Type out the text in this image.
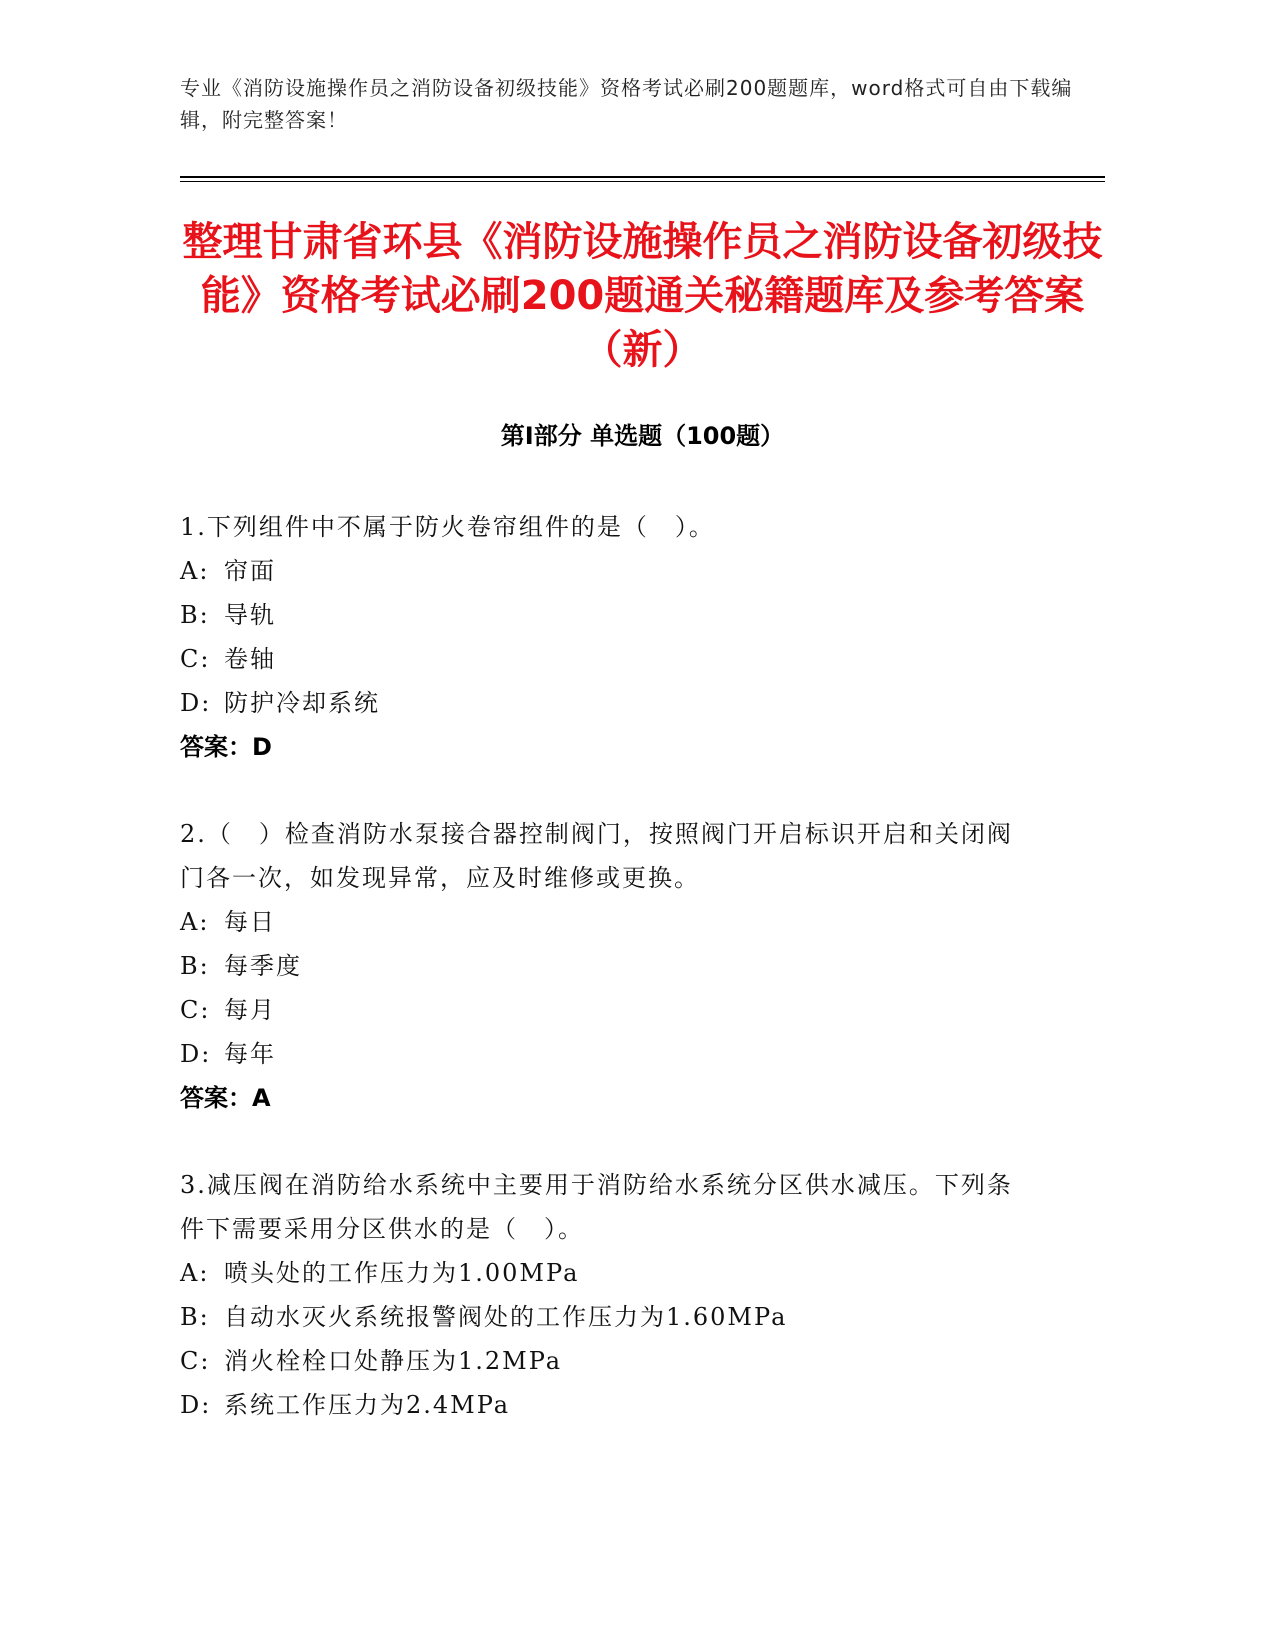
专业《消防设施操作员之消防设备初级技能》资格考试必刷200题题库，word格式可自由下载编辑，附完整答案！
整理甘肃省环县《消防设施操作员之消防设备初级技能》资格考试必刷200题通关秘籍题库及参考答案（新）
第Ⅰ部分 单选题（100题）
1.下列组件中不属于防火卷帘组件的是（　）。
A: 帘面
B: 导轨
C: 卷轴
D: 防护冷却系统
答案：D
2.（　）检查消防水泵接合器控制阀门，按照阀门开启标识开启和关闭阀门各一次，如发现异常，应及时维修或更换。
A: 每日
B: 每季度
C: 每月
D: 每年
答案：A
3.减压阀在消防给水系统中主要用于消防给水系统分区供水减压。下列条件下需要采用分区供水的是（　）。
A: 喷头处的工作压力为1.00MPa
B: 自动水灭火系统报警阀处的工作压力为1.60MPa
C: 消火栓栓口处静压为1.2MPa
D: 系统工作压力为2.4MPa
